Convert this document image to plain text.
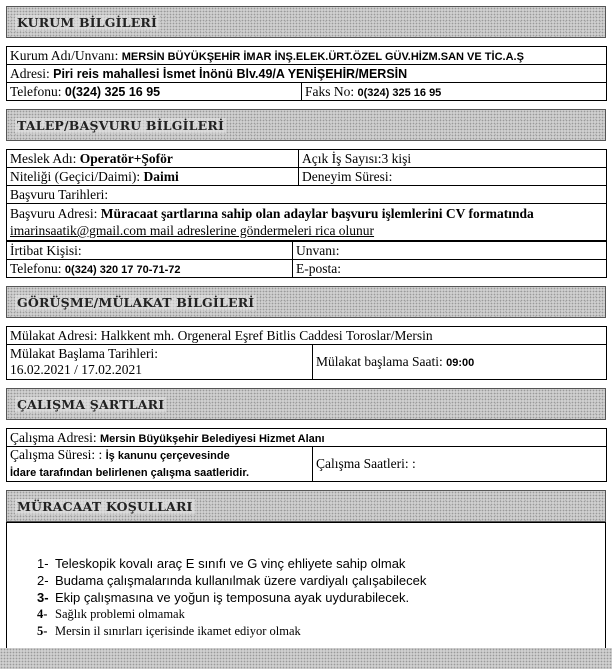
KURUM BİLGİLERİ
Kurum Adı/Unvanı: MERSİN BÜYÜKŞEHİR İMAR İNŞ.ELEK.ÜRT.ÖZEL GÜV.HİZM.SAN VE TİC.A.Ş
Adresi: Piri reis mahallesi İsmet İnönü Blv.49/A YENİŞEHİR/MERSİN
Telefonu: 0(324) 325 16 95	Faks No: 0(324) 325 16 95
TALEP/BAŞVURU BİLGİLERİ
Meslek Adı: Operatör+Şoför	Açık İş Sayısı:3 kişi
Niteliği (Geçici/Daimi): Daimi	Deneyim Süresi:
Başvuru Tarihleri:	
Başvuru Adresi: Müracaat şartlarına sahip olan adaylar başvuru işlemlerini CV formatında imarinsaatik@gmail.com mail adreslerine göndermeleri rica olunur	
İrtibat Kişisi:	Unvanı:
Telefonu: 0(324) 320 17 70-71-72	E-posta:
GÖRÜŞME/MÜLAKAT BİLGİLERİ
Mülakat Adresi: Halkkent mh. Orgeneral Eşref Bitlis Caddesi Toroslar/Mersin
Mülakat Başlama Tarihleri:
16.02.2021 / 17.02.2021	Mülakat başlama Saati: 09:00
ÇALIŞMA ŞARTLARI
Çalışma Adresi: Mersin Büyükşehir Belediyesi Hizmet Alanı
Çalışma Süresi: : İş kanunu çerçevesinde
İdare tarafından belirlenen çalışma saatleridir.	Çalışma Saatleri: :
MÜRACAAT KOŞULLARI
1- Teleskopik kovalı araç E sınıfı ve G vinç ehliyete sahip olmak
2- Budama çalışmalarında kullanılmak üzere vardiyalı çalışabilecek
3- Ekip çalışmasına ve yoğun iş temposuna ayak uydurabilecek.
4- Sağlık problemi olmamak
5- Mersin il sınırları içerisinde ikamet ediyor olmak
